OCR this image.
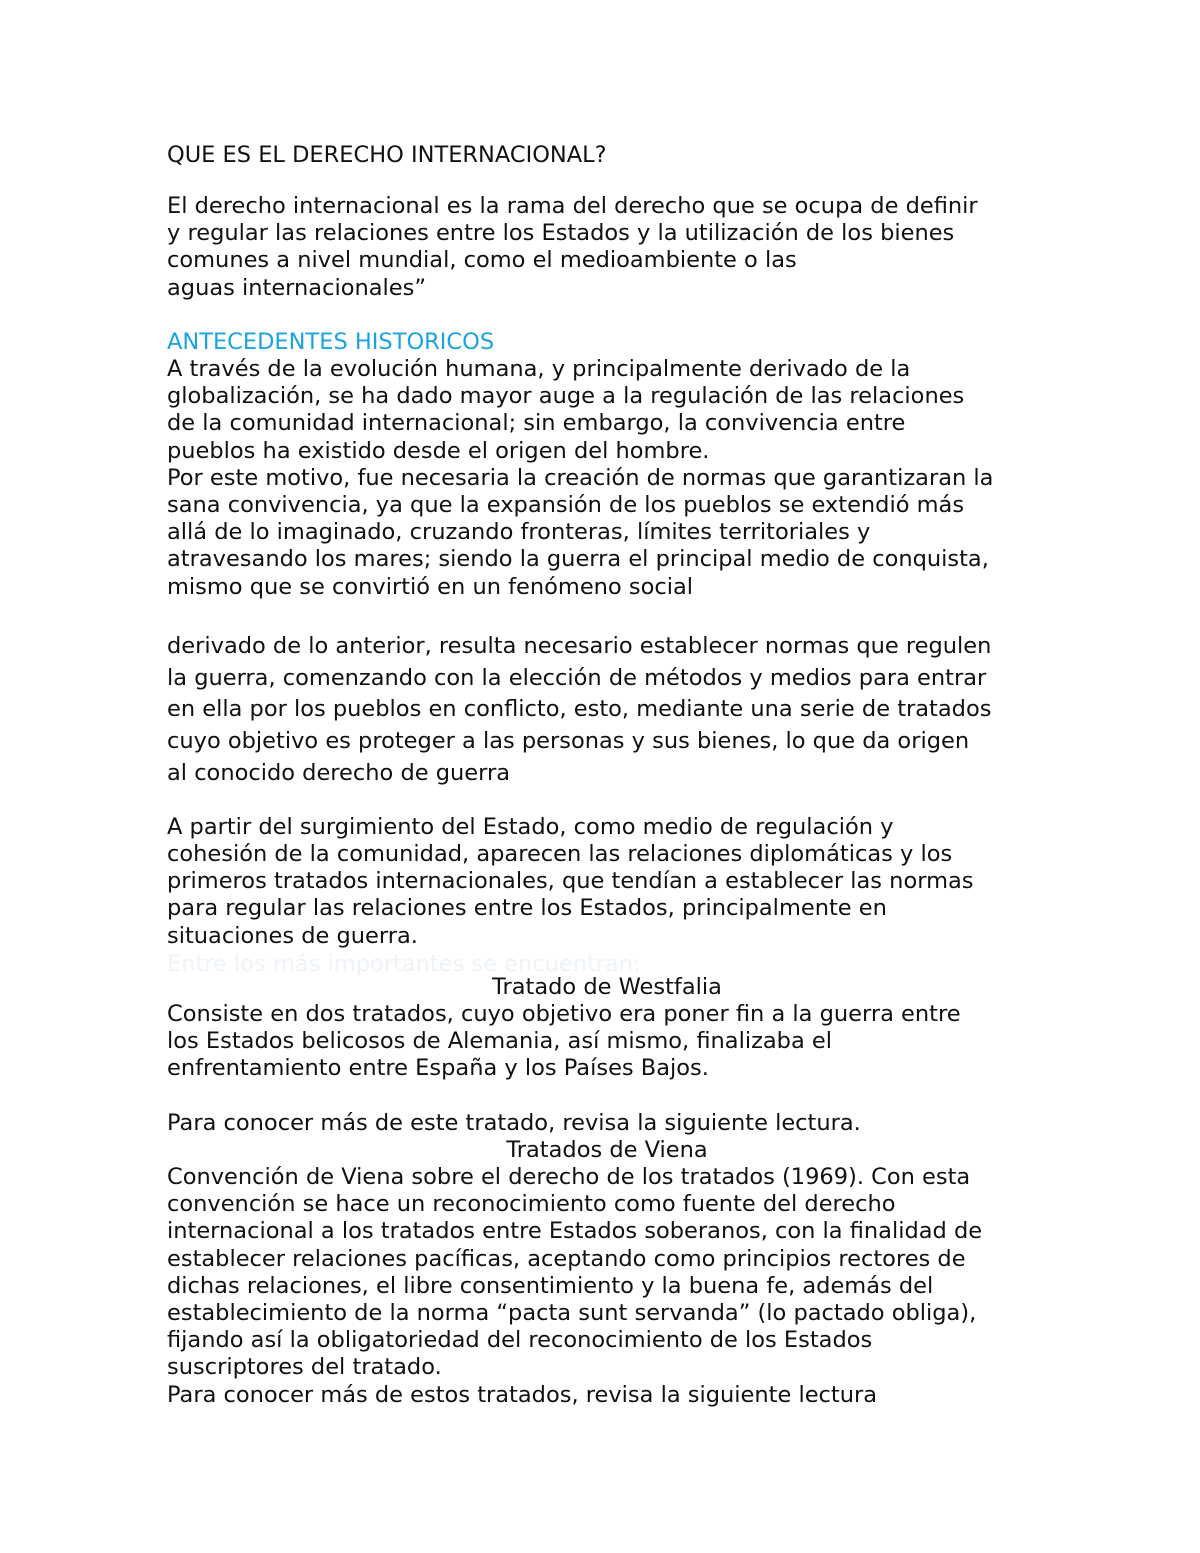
QUE ES EL DERECHO INTERNACIONAL?
El derecho internacional es la rama del derecho que se ocupa de definir
y regular las relaciones entre los Estados y la utilización de los bienes
comunes a nivel mundial, como el medioambiente o las
aguas internacionales”
ANTECEDENTES HISTORICOS
A través de la evolución humana, y principalmente derivado de la
globalización, se ha dado mayor auge a la regulación de las relaciones
de la comunidad internacional; sin embargo, la convivencia entre
pueblos ha existido desde el origen del hombre.
Por este motivo, fue necesaria la creación de normas que garantizaran la
sana convivencia, ya que la expansión de los pueblos se extendió más
allá de lo imaginado, cruzando fronteras, límites territoriales y
atravesando los mares; siendo la guerra el principal medio de conquista,
mismo que se convirtió en un fenómeno social
derivado de lo anterior, resulta necesario establecer normas que regulen
la guerra, comenzando con la elección de métodos y medios para entrar
en ella por los pueblos en conflicto, esto, mediante una serie de tratados
cuyo objetivo es proteger a las personas y sus bienes, lo que da origen
al conocido derecho de guerra
A partir del surgimiento del Estado, como medio de regulación y
cohesión de la comunidad, aparecen las relaciones diplomáticas y los
primeros tratados internacionales, que tendían a establecer las normas
para regular las relaciones entre los Estados, principalmente en
situaciones de guerra.
Entre los más importantes se encuentran:
Tratado de Westfalia
Consiste en dos tratados, cuyo objetivo era poner fin a la guerra entre
los Estados belicosos de Alemania, así mismo, finalizaba el
enfrentamiento entre España y los Países Bajos.
Para conocer más de este tratado, revisa la siguiente lectura.
Tratados de Viena
Convención de Viena sobre el derecho de los tratados (1969). Con esta
convención se hace un reconocimiento como fuente del derecho
internacional a los tratados entre Estados soberanos, con la finalidad de
establecer relaciones pacíficas, aceptando como principios rectores de
dichas relaciones, el libre consentimiento y la buena fe, además del
establecimiento de la norma “pacta sunt servanda” (lo pactado obliga),
fijando así la obligatoriedad del reconocimiento de los Estados
suscriptores del tratado.
Para conocer más de estos tratados, revisa la siguiente lectura
